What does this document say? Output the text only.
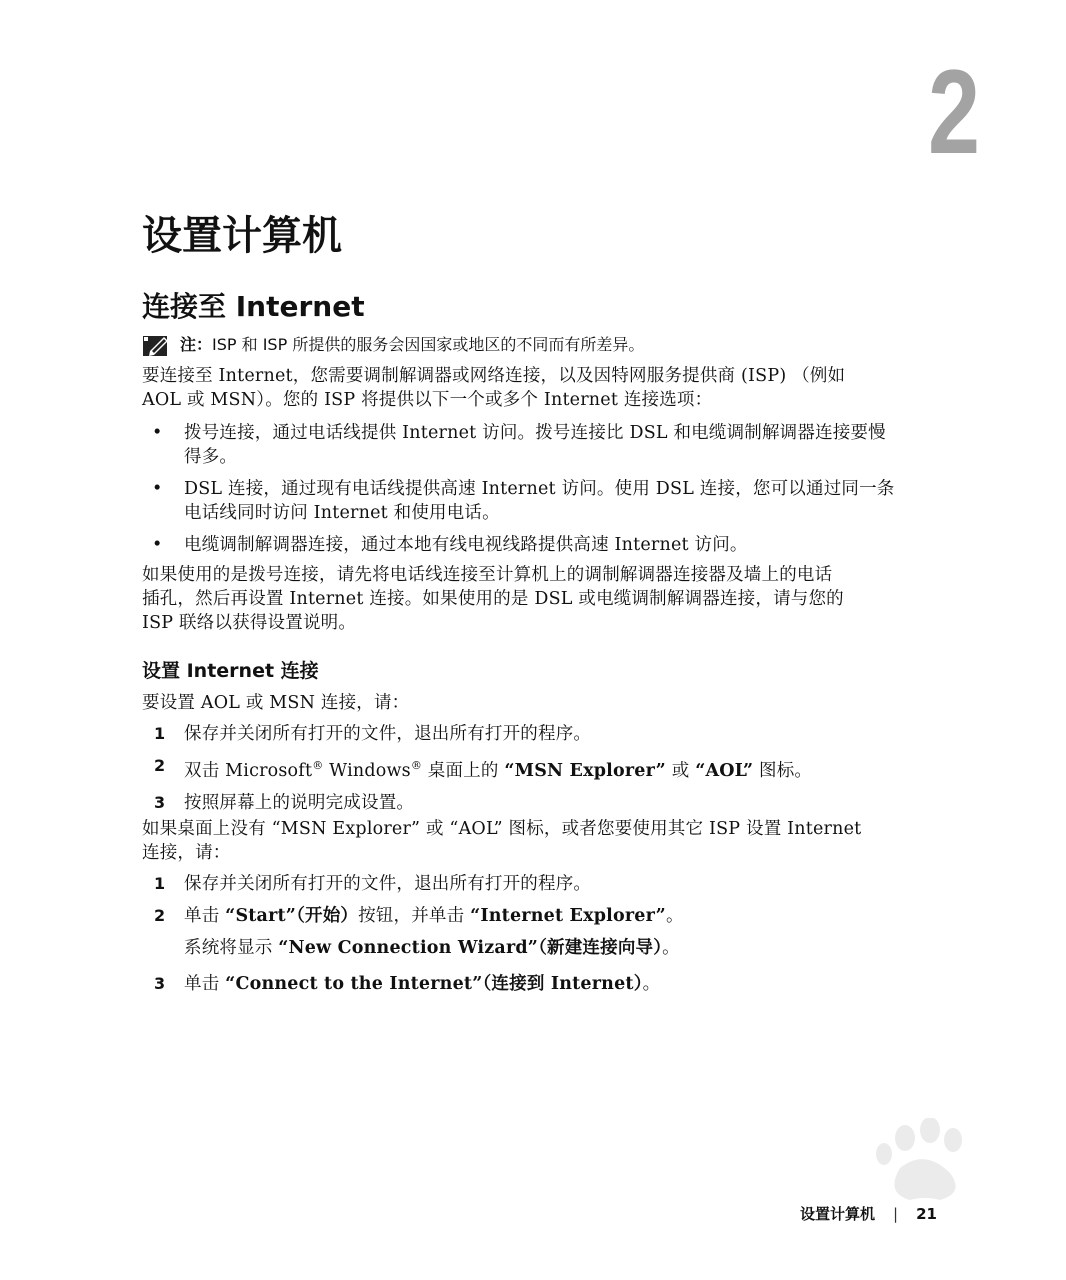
2
设置计算机
连接至 Internet
注：ISP 和 ISP 所提供的服务会因国家或地区的不同而有所差异。

要连接至 Internet，您需要调制解调器或网络连接，以及因特网服务提供商 (ISP) （例如

AOL 或 MSN）。您的 ISP 将提供以下一个或多个 Internet 连接选项：

• 拨号连接，通过电话线提供 Internet 访问。拨号连接比 DSL 和电缆调制解调器连接要慢

得多。

• DSL 连接，通过现有电话线提供高速 Internet 访问。使用 DSL 连接，您可以通过同一条

电话线同时访问 Internet 和使用电话。

• 电缆调制解调器连接，通过本地有线电视线路提供高速 Internet 访问。

如果使用的是拨号连接，请先将电话线连接至计算机上的调制解调器连接器及墙上的电话

插孔，然后再设置 Internet 连接。如果使用的是 DSL 或电缆调制解调器连接，请与您的

ISP 联络以获得设置说明。

设置 Internet 连接

要设置 AOL 或 MSN 连接，请：

1 保存并关闭所有打开的文件，退出所有打开的程序。
2 双击 Microsoft® Windows® 桌面上的 “MSN Explorer” 或 “AOL” 图标。
3 按照屏幕上的说明完成设置。

如果桌面上没有 “MSN Explorer” 或 “AOL” 图标，或者您要使用其它 ISP 设置 Internet

连接，请：

1 保存并关闭所有打开的文件，退出所有打开的程序。
2 单击 “Start”（开始）按钮，并单击 “Internet Explorer”。
系统将显示 “New Connection Wizard”（新建连接向导）。
3 单击 “Connect to the Internet”（连接到 Internet）。
设置计算机 | 21
